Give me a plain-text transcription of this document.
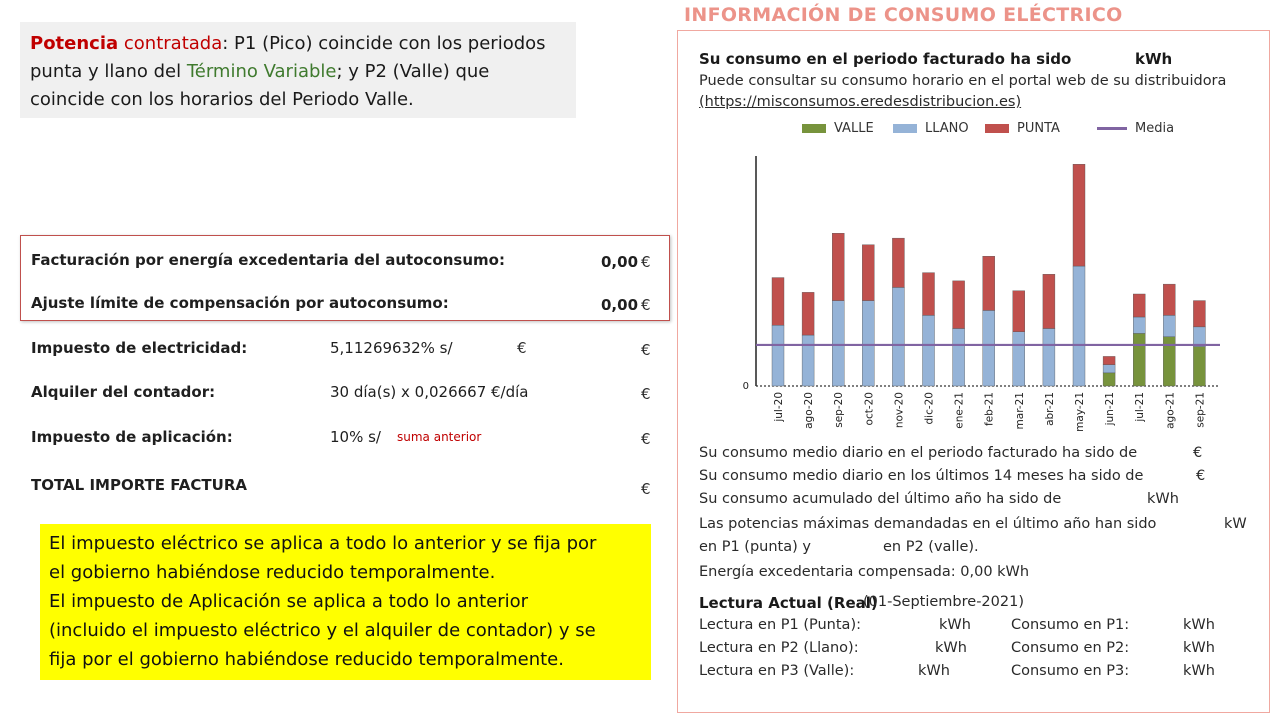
Potencia contratada: P1 (Pico) coincide con los periodos punta y llano del Término Variable; y P2 (Valle) que coincide con los horarios del Periodo Valle.
Facturación por energía excedentaria del autoconsumo:	0,00 €
Ajuste límite de compensación por autoconsumo:	0,00 €
Impuesto de electricidad:	5,11269632% s/	€	€
Alquiler del contador:	30 día(s) x 0,026667 €/día	€
Impuesto de aplicación:	10% s/ suma anterior	€
TOTAL IMPORTE FACTURA	€
El impuesto eléctrico se aplica a todo lo anterior y se fija por
el gobierno habiéndose reducido temporalmente.
El impuesto de Aplicación se aplica a todo lo anterior
(incluido el impuesto eléctrico y el alquiler de contador) y se
fija por el gobierno habiéndose reducido temporalmente.
INFORMACIÓN DE CONSUMO ELÉCTRICO
Su consumo en el periodo facturado ha sido	kWh
Puede consultar su consumo horario en el portal web de su distribuidora
(https://misconsumos.eredesdistribucion.es)
VALLE	LLANO	PUNTA	Media
0
jul-20 ago-20 sep-20 oct-20 nov-20 dic-20 ene-21 feb-21 mar-21 abr-21 may-21 jun-21 jul-21 ago-21 sep-21
Su consumo medio diario en el periodo facturado ha sido de	€
Su consumo medio diario en los últimos 14 meses ha sido de	€
Su consumo acumulado del último año ha sido de	kWh
Las potencias máximas demandadas en el último año han sido	kW
en P1 (punta) y	en P2 (valle).
Energía excedentaria compensada: 0,00 kWh
Lectura Actual (Real)
(01-Septiembre-2021)
Lectura en P1 (Punta):	kWh	Consumo en P1:	kWh
Lectura en P2 (Llano):	kWh	Consumo en P2:	kWh
Lectura en P3 (Valle):	kWh	Consumo en P3:	kWh
